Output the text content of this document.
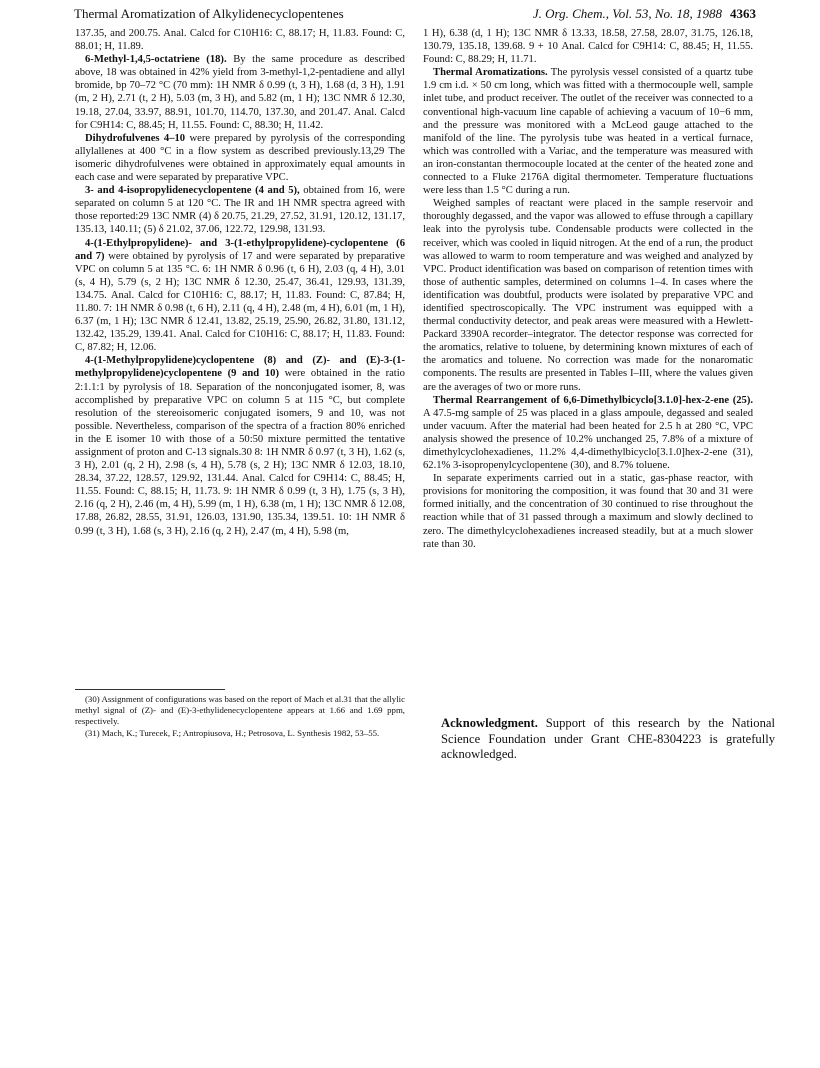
Thermal Aromatization of Alkylidenecyclopentenes	J. Org. Chem., Vol. 53, No. 18, 1988 4363

137.35, and 200.75. Anal. Calcd for C10H16: C, 88.17; H, 11.83. Found: C, 88.01; H, 11.89.

6-Methyl-1,4,5-octatriene (18). By the same procedure as described above, 18 was obtained in 42% yield from 3-methyl-1,2-pentadiene and allyl bromide, bp 70–72 °C (70 mm): 1H NMR δ 0.99 (t, 3 H), 1.68 (d, 3 H), 1.91 (m, 2 H), 2.71 (t, 2 H), 5.03 (m, 3 H), and 5.82 (m, 1 H); 13C NMR δ 12.30, 19.18, 27.04, 33.97, 88.91, 101.70, 114.70, 137.30, and 201.47. Anal. Calcd for C9H14: C, 88.45; H, 11.55. Found: C, 88.30; H, 11.42.

Dihydrofulvenes 4–10 were prepared by pyrolysis of the corresponding allylallenes at 400 °C in a flow system as described previously.13,29 The isomeric dihydrofulvenes were obtained in approximately equal amounts in each case and were separated by preparative VPC.

3- and 4-isopropylidenecyclopentene (4 and 5), obtained from 16, were separated on column 5 at 120 °C. The IR and 1H NMR spectra agreed with those reported:29 13C NMR (4) δ 20.75, 21.29, 27.52, 31.91, 120.12, 131.17, 135.13, 140.11; (5) δ 21.02, 37.06, 122.72, 129.98, 131.93.

4-(1-Ethylpropylidene)- and 3-(1-ethylpropylidene)-cyclopentene (6 and 7) were obtained by pyrolysis of 17 and were separated by preparative VPC on column 5 at 135 °C. 6: 1H NMR δ 0.96 (t, 6 H), 2.03 (q, 4 H), 3.01 (s, 4 H), 5.79 (s, 2 H); 13C NMR δ 12.30, 25.47, 36.41, 129.93, 131.39, 134.75. Anal. Calcd for C10H16: C, 88.17; H, 11.83. Found: C, 87.84; H, 11.80. 7: 1H NMR δ 0.98 (t, 6 H), 2.11 (q, 4 H), 2.48 (m, 4 H), 6.01 (m, 1 H), 6.37 (m, 1 H); 13C NMR δ 12.41, 13.82, 25.19, 25.90, 26.82, 31.80, 131.12, 132.42, 135.29, 139.41. Anal. Calcd for C10H16: C, 88.17; H, 11.83. Found: C, 87.82; H, 12.06.

4-(1-Methylpropylidene)cyclopentene (8) and (Z)- and (E)-3-(1-methylpropylidene)cyclopentene (9 and 10) were obtained in the ratio 2:1.1:1 by pyrolysis of 18. Separation of the nonconjugated isomer, 8, was accomplished by preparative VPC on column 5 at 115 °C, but complete resolution of the stereoisomeric conjugated isomers, 9 and 10, was not possible. Nevertheless, comparison of the spectra of a fraction 80% enriched in the E isomer 10 with those of a 50:50 mixture permitted the tentative assignment of proton and C-13 signals.30 8: 1H NMR δ 0.97 (t, 3 H), 1.62 (s, 3 H), 2.01 (q, 2 H), 2.98 (s, 4 H), 5.78 (s, 2 H); 13C NMR δ 12.03, 18.10, 28.34, 37.22, 128.57, 129.92, 131.44. Anal. Calcd for C9H14: C, 88.45; H, 11.55. Found: C, 88.15; H, 11.73. 9: 1H NMR δ 0.99 (t, 3 H), 1.75 (s, 3 H), 2.16 (q, 2 H), 2.46 (m, 4 H), 5.99 (m, 1 H), 6.38 (m, 1 H); 13C NMR δ 12.08, 17.88, 26.82, 28.55, 31.91, 126.03, 131.90, 135.34, 139.51. 10: 1H NMR δ 0.99 (t, 3 H), 1.68 (s, 3 H), 2.16 (q, 2 H), 2.47 (m, 4 H), 5.98 (m,

(30) Assignment of configurations was based on the report of Mach et al.31 that the allylic methyl signal of (Z)- and (E)-3-ethylidenecyclopentene appears at 1.66 and 1.69 ppm, respectively.

(31) Mach, K.; Turecek, F.; Antropiusova, H.; Petrosova, L. Synthesis 1982, 53–55.

1 H), 6.38 (d, 1 H); 13C NMR δ 13.33, 18.58, 27.58, 28.07, 31.75, 126.18, 130.79, 135.18, 139.68. 9 + 10 Anal. Calcd for C9H14: C, 88.45; H, 11.55. Found: C, 88.29; H, 11.71.

Thermal Aromatizations. The pyrolysis vessel consisted of a quartz tube 1.9 cm i.d. × 50 cm long, which was fitted with a thermocouple well, sample inlet tube, and product receiver. The outlet of the receiver was connected to a conventional high-vacuum line capable of achieving a vacuum of 10−6 mm, and the pressure was monitored with a McLeod gauge attached to the manifold of the line. The pyrolysis tube was heated in a vertical furnace, which was controlled with a Variac, and the temperature was measured with an iron-constantan thermocouple located at the center of the heated zone and connected to a Fluke 2176A digital thermometer. Temperature fluctuations were less than 1.5 °C during a run.

Weighed samples of reactant were placed in the sample reservoir and thoroughly degassed, and the vapor was allowed to effuse through a capillary leak into the pyrolysis tube. Condensable products were collected in the receiver, which was cooled in liquid nitrogen. At the end of a run, the product was allowed to warm to room temperature and was weighed and analyzed by VPC. Product identification was based on comparison of retention times with those of authentic samples, determined on columns 1–4. In cases where the identification was doubtful, products were isolated by preparative VPC and identified spectroscopically. The VPC instrument was equipped with a thermal conductivity detector, and peak areas were measured with a Hewlett-Packard 3390A recorder–integrator. The detector response was corrected for the aromatics, relative to toluene, by determining known mixtures of each of the aromatics and toluene. No correction was made for the nonaromatic components. The results are presented in Tables I–III, where the values given are the averages of two or more runs.

Thermal Rearrangement of 6,6-Dimethylbicyclo[3.1.0]-hex-2-ene (25). A 47.5-mg sample of 25 was placed in a glass ampoule, degassed and sealed under vacuum. After the material had been heated for 2.5 h at 280 °C, VPC analysis showed the presence of 10.2% unchanged 25, 7.8% of a mixture of dimethylcyclohexadienes, 11.2% 4,4-dimethylbicyclo[3.1.0]hex-2-ene (31), 62.1% 3-isopropenylcyclopentene (30), and 8.7% toluene.

In separate experiments carried out in a static, gas-phase reactor, with provisions for monitoring the composition, it was found that 30 and 31 were formed initially, and the concentration of 30 continued to rise throughout the reaction while that of 31 passed through a maximum and slowly declined to zero. The dimethylcyclohexadienes increased steadily, but at a much slower rate than 30.

Acknowledgment. Support of this research by the National Science Foundation under Grant CHE-8304223 is gratefully acknowledged.
